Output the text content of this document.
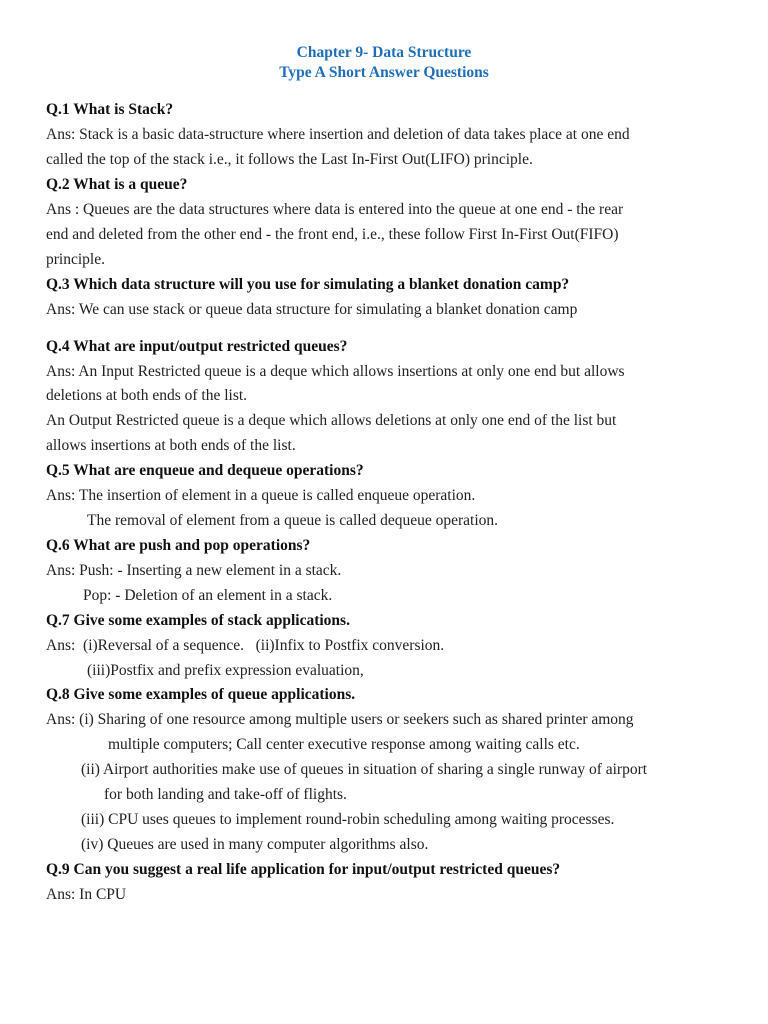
Chapter 9- Data Structure
Type A Short Answer Questions
Q.1 What is Stack?
Ans: Stack is a basic data-structure where insertion and deletion of data takes place at one end
called the top of the stack i.e., it follows the Last In-First Out(LIFO) principle.
Q.2 What is a queue?
Ans : Queues are the data structures where data is entered into the queue at one end - the rear
end and deleted from the other end - the front end, i.e., these follow First In-First Out(FIFO)
principle.
Q.3 Which data structure will you use for simulating a blanket donation camp?
Ans: We can use stack or queue data structure for simulating a blanket donation camp
Q.4 What are input/output restricted queues?
Ans: An Input Restricted queue is a deque which allows insertions at only one end but allows
deletions at both ends of the list.
An Output Restricted queue is a deque which allows deletions at only one end of the list but
allows insertions at both ends of the list.
Q.5 What are enqueue and dequeue operations?
Ans: The insertion of element in a queue is called enqueue operation.
The removal of element from a queue is called dequeue operation.
Q.6 What are push and pop operations?
Ans: Push: - Inserting a new element in a stack.
Pop: - Deletion of an element in a stack.
Q.7 Give some examples of stack applications.
Ans:  (i)Reversal of a sequence.   (ii)Infix to Postfix conversion.
(iii)Postfix and prefix expression evaluation,
Q.8 Give some examples of queue applications.
Ans: (i) Sharing of one resource among multiple users or seekers such as shared printer among
multiple computers; Call center executive response among waiting calls etc.
(ii) Airport authorities make use of queues in situation of sharing a single runway of airport
for both landing and take-off of flights.
(iii) CPU uses queues to implement round-robin scheduling among waiting processes.
(iv) Queues are used in many computer algorithms also.
Q.9 Can you suggest a real life application for input/output restricted queues?
Ans: In CPU
